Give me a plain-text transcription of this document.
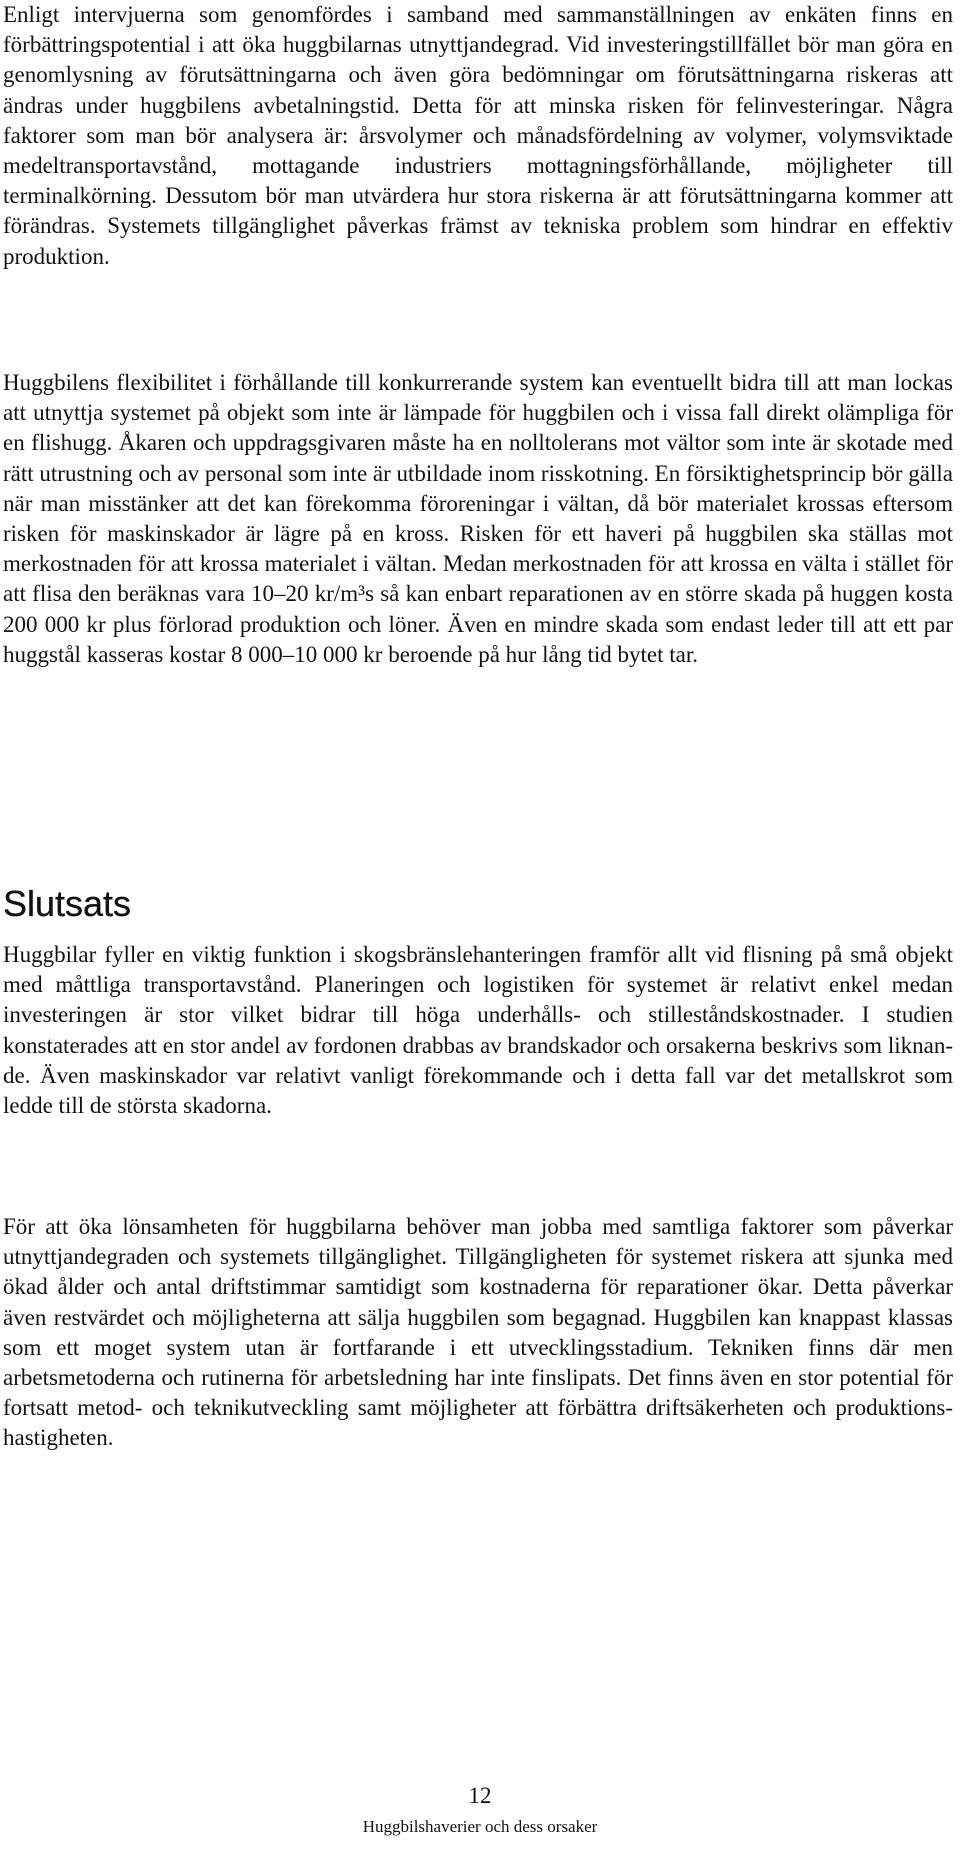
Enligt intervjuerna som genomfördes i samband med sammanställningen av enkäten finns en förbättringspotential i att öka huggbilarnas utnyttjandegrad. Vid investeringstillfället bör man göra en genomlysning av förutsättningarna och även göra bedömningar om förutsättningarna riskeras att ändras under huggbilens avbetalningstid. Detta för att minska risken för felinvesteringar. Några faktorer som man bör analysera är: årsvolymer och månadsfördelning av volymer, volymsviktade medeltransportavstånd, mottagande industriers mottagningsförhållande, möjligheter till terminalkörning. Dessutom bör man utvärdera hur stora riskerna är att förutsättningarna kommer att förändras. Systemets tillgänglighet påverkas främst av tekniska problem som hindrar en effektiv produktion.

Huggbilens flexibilitet i förhållande till konkurrerande system kan eventuellt bidra till att man lockas att utnyttja systemet på objekt som inte är lämpade för huggbilen och i vissa fall direkt olämpliga för en flishugg. Åkaren och uppdragsgivaren måste ha en nolltolerans mot vältor som inte är skotade med rätt utrustning och av personal som inte är utbildade inom risskotning. En försiktighetsprincip bör gälla när man misstänker att det kan förekomma föroreningar i vältan, då bör materialet krossas eftersom risken för maskinskador är lägre på en kross. Risken för ett haveri på huggbilen ska ställas mot merkostnaden för att krossa materialet i vältan. Medan merkostnaden för att krossa en välta i stället för att flisa den beräknas vara 10–20 kr/m³s så kan enbart reparationen av en större skada på huggen kosta 200 000 kr plus förlorad produktion och löner. Även en mindre skada som endast leder till att ett par huggstål kasseras kostar 8 000–10 000 kr beroende på hur lång tid bytet tar.

Slutsats

Huggbilar fyller en viktig funktion i skogsbränslehanteringen framför allt vid flisning på små objekt med måttliga transportavstånd. Planeringen och logistiken för systemet är relativt enkel medan investeringen är stor vilket bidrar till höga underhålls- och stilleståndskostnader. I studien konstaterades att en stor andel av fordonen drabbas av brandskador och orsakerna beskrivs som liknande. Även maskinskador var relativt vanligt förekommande och i detta fall var det metallskrot som ledde till de största skadorna.

För att öka lönsamheten för huggbilarna behöver man jobba med samtliga faktorer som påverkar utnyttjandegraden och systemets tillgänglighet. Tillgängligheten för systemet riskera att sjunka med ökad ålder och antal driftstimmar samtidigt som kostnaderna för reparationer ökar. Detta påverkar även restvärdet och möjligheterna att sälja huggbilen som begagnad. Huggbilen kan knappast klassas som ett moget system utan är fortfarande i ett utvecklingsstadium. Tekniken finns där men arbetsmetoderna och rutinerna för arbetsledning har inte finslipats. Det finns även en stor potential för fortsatt metod- och teknikutveckling samt möjligheter att förbättra driftsäkerheten och produktionshastigheten.

12
Huggbilshaverier och dess orsaker
